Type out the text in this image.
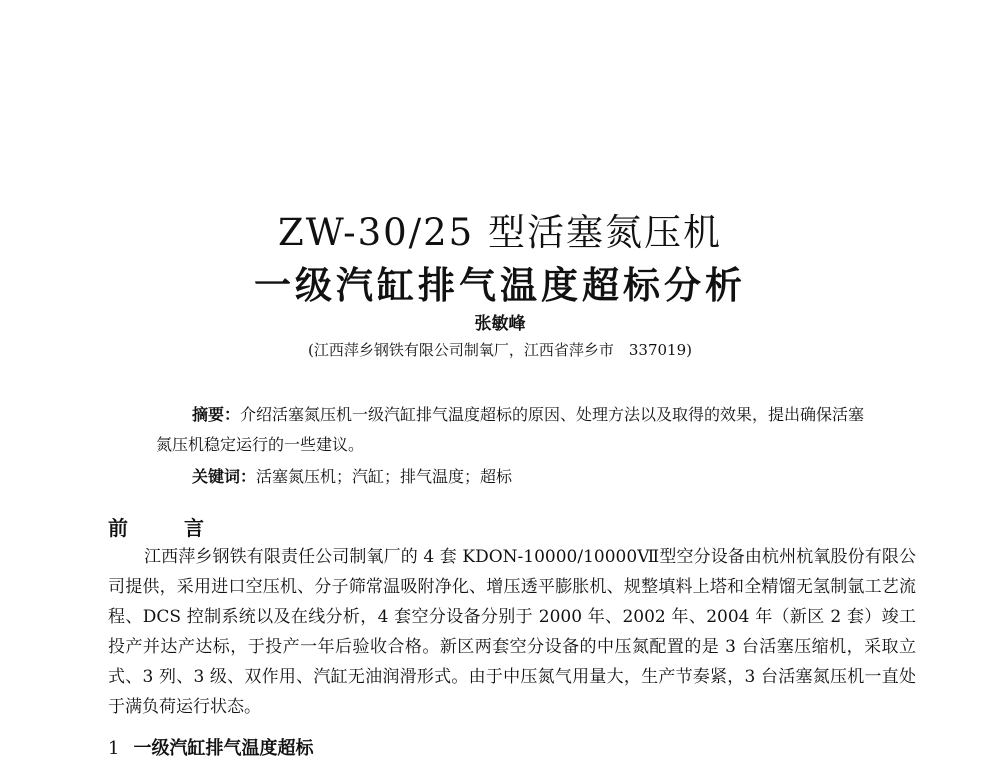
ZW-30/25 型活塞氮压机
一级汽缸排气温度超标分析
张敏峰
(江西萍乡钢铁有限公司制氧厂，江西省萍乡市　337019)

摘要：介绍活塞氮压机一级汽缸排气温度超标的原因、处理方法以及取得的效果，提出确保活塞氮压机稳定运行的一些建议。

关键词：活塞氮压机；汽缸；排气温度；超标

前　言

江西萍乡钢铁有限责任公司制氧厂的 4 套 KDON-10000/10000Ⅶ型空分设备由杭州杭氧股份有限公司提供，采用进口空压机、分子筛常温吸附净化、增压透平膨胀机、规整填料上塔和全精馏无氢制氩工艺流程、DCS 控制系统以及在线分析，4 套空分设备分别于 2000 年、2002 年、2004 年（新区 2 套）竣工投产并达产达标，于投产一年后验收合格。新区两套空分设备的中压氮配置的是 3 台活塞压缩机，采取立式、3 列、3 级、双作用、汽缸无油润滑形式。由于中压氮气用量大，生产节奏紧，3 台活塞氮压机一直处于满负荷运行状态。

1 一级汽缸排气温度超标
